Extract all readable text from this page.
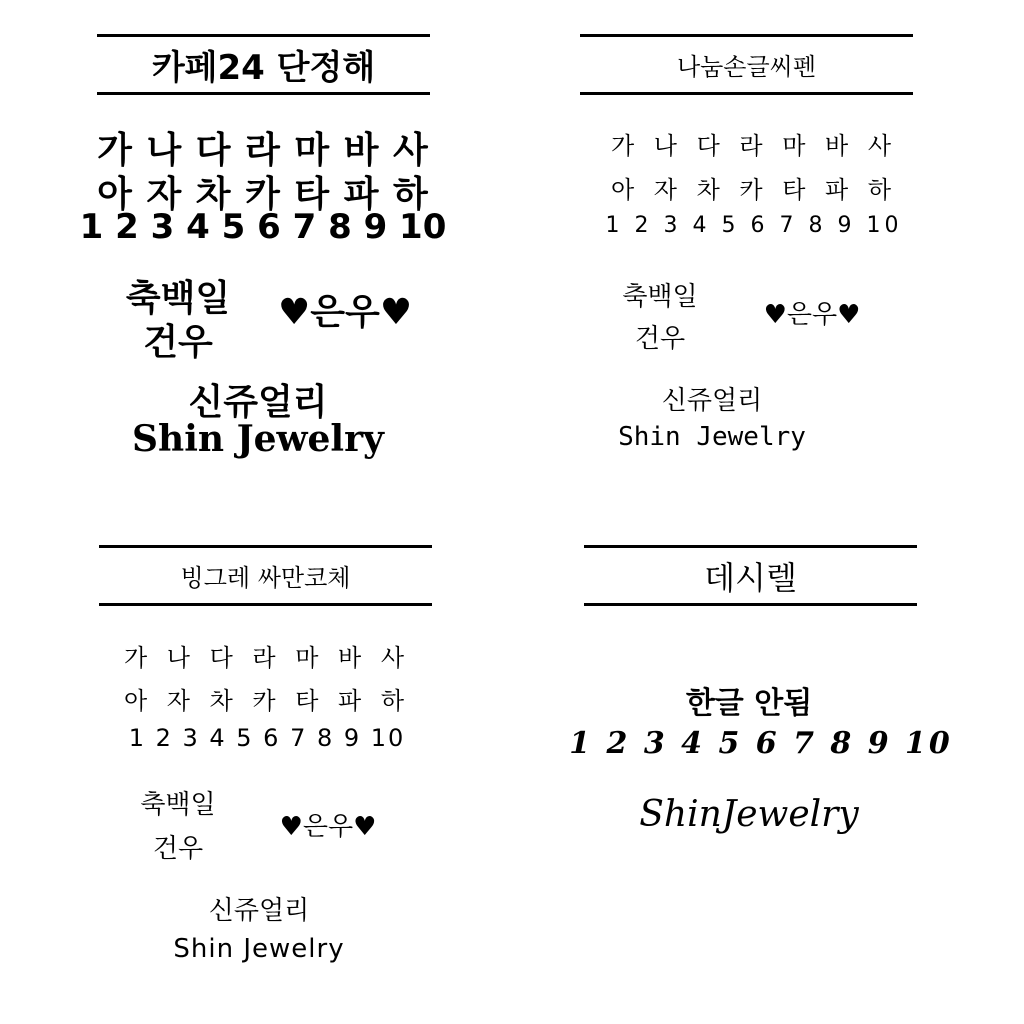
카페24 단정해
가 나 다 라 마 바 사
아 자 차 카 타 파 하
1 2 3 4 5 6 7 8 9 10
축백일
건우
♥은우♥
신쥬얼리
Shin Jewelry
나눔손글씨펜
가 나 다 라 마 바 사
아 자 차 카 타 파 하
1 2 3 4 5 6 7 8 9 10
축백일
건우
♥은우♥
신쥬얼리
Shin Jewelry
빙그레 싸만코체
가 나 다 라 마 바 사
아 자 차 카 타 파 하
1 2 3 4 5 6 7 8 9 10
축백일
건우
♥은우♥
신쥬얼리
Shin Jewelry
데시렐
한글 안됨
1 2 3 4 5 6 7 8 9 10
ShinJewelry
